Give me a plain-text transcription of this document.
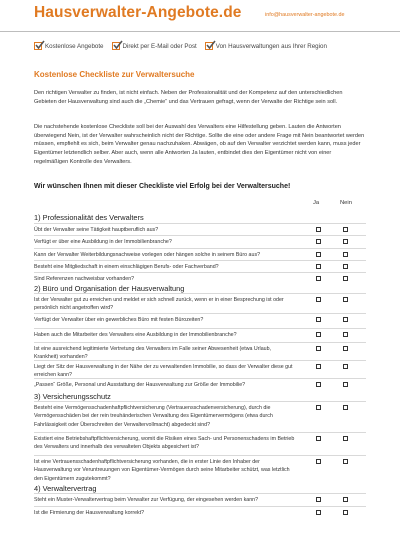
Hausverwalter-Angebote.de	info@hausverwalter-angebote.de
Kostenlose Angebote	Direkt per E-Mail oder Post	Von Hausverwaltungen aus Ihrer Region
Kostenlose Checkliste zur Verwaltersuche

Den richtigen Verwalter zu finden, ist nicht einfach. Neben der Professionalität und der Kompetenz auf den unterschiedlichen Gebieten der Hausverwaltung sind auch die „Chemie“ und das Vertrauen gefragt, wenn der Verwalte der Richtige sein soll.

Die nachstehende kostenlose Checkliste soll bei der Auswahl des Verwalters eine Hilfestellung geben. Lauten die Antworten überwiegend Nein, ist der Verwalter wahrscheinlich nicht der Richtige. Sollte die eine oder andere Frage mit Nein beantwortet werden müssen, empfiehlt es sich, beim Verwalter genau nachzuhaken. Abwägen, ob auf den Verwalter verzichtet werden kann, muss jeder Eigentümer letztendlich selber. Aber auch, wenn alle Antworten Ja lauten, entbindet dies den Eigentümer nicht von einer regelmäßigen Kontrolle des Verwalters.

Wir wünschen Ihnen mit dieser Checkliste viel Erfolg bei der Verwaltersuche!
Ja	Nein
1) Professionalität des Verwalters
Übt der Verwalter seine Tätigkeit hauptberuflich aus?
Verfügt er über eine Ausbildung in der Immobilienbranche?
Kann der Verwalter Weiterbildungsnachweise vorlegen oder hängen solche in seinem Büro aus?
Besteht eine Mitgliedschaft in einem einschlägigen Berufs- oder Fachverband?
Sind Referenzen nachweisbar vorhanden?
2) Büro und Organisation der Hausverwaltung
Ist der Verwalter gut zu erreichen und meldet er sich schnell zurück, wenn er in einer Besprechung ist oder persönlich nicht angetroffen wird?
Verfügt der Verwalter über ein gewerbliches Büro mit festen Bürozeiten?
Haben auch die Mitarbeiter des Verwalters eine Ausbildung in der Immobilienbranche?
Ist eine ausreichend legitimierte Vertretung des Verwalters im Falle seiner Abwesenheit (etwa Urlaub, Krankheit) vorhanden?
Liegt der Sitz der Hausverwaltung in der Nähe der zu verwaltenden Immobilie, so dass der Verwalter diese gut erreichen kann?
„Passen“ Größe, Personal und Ausstattung der Hausverwaltung zur Größe der Immobilie?
3) Versicherungsschutz
Besteht eine Vermögensschadenhaftpflichtversicherung (Vertrauensschadenversicherung), durch die Vermögensschäden bei der rein treuhänderischen Verwaltung des Eigentümervermögens (etwa durch Fahrlässigkeit oder Überschreiten der Verwaltervollmacht) abgedeckt sind?
Existiert eine Betriebshaftpflichtversicherung, womit die Risiken eines Sach- und Personenschadens im Betrieb des Verwalters und innerhalb des verwalteten Objekts abgesichert ist?
Ist eine Vertrauensschadenhaftpflichtversicherung vorhanden, die in erster Linie den Inhaber der Hausverwaltung vor Veruntreuungen von Eigentümer-Vermögen durch seine Mitarbeiter schützt, was letztlich den Eigentümern zugutekommt?
4) Verwaltervertrag
Steht ein Muster-Verwaltervertrag beim Verwalter zur Verfügung, der eingesehen werden kann?
Ist die Firmierung der Hausverwaltung korrekt?
